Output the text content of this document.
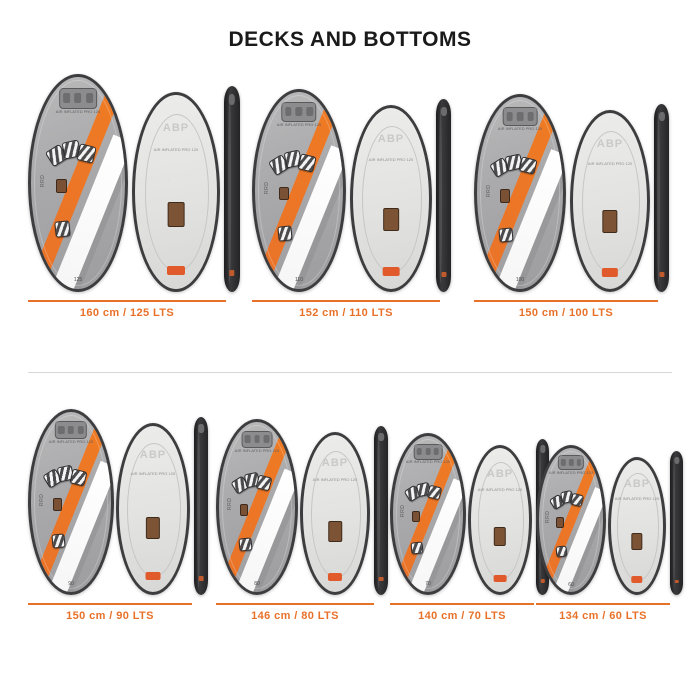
DECKS AND BOTTOMS
AIR INFLATED PRO 120
RRD
125
ABP
AIR INFLATED PRO 120
.
160 cm / 125 LTS
AIR INFLATED PRO 120
RRD
110
ABP
AIR INFLATED PRO 120
152 cm / 110 LTS
AIR INFLATED PRO 120
RRD
100
ABP
AIR INFLATED PRO 120
150 cm / 100 LTS
AIR INFLATED PRO 120
RRD
90
ABP
AIR INFLATED PRO 120
150 cm / 90 LTS
AIR INFLATED PRO 120
RRD
80
ABP
AIR INFLATED PRO 120
146 cm / 80 LTS
AIR INFLATED PRO 120
RRD
70
ABP
AIR INFLATED PRO 120
140 cm / 70 LTS
AIR INFLATED PRO 120
RRD
60
ABP
AIR INFLATED PRO 120
134 cm / 60 LTS
